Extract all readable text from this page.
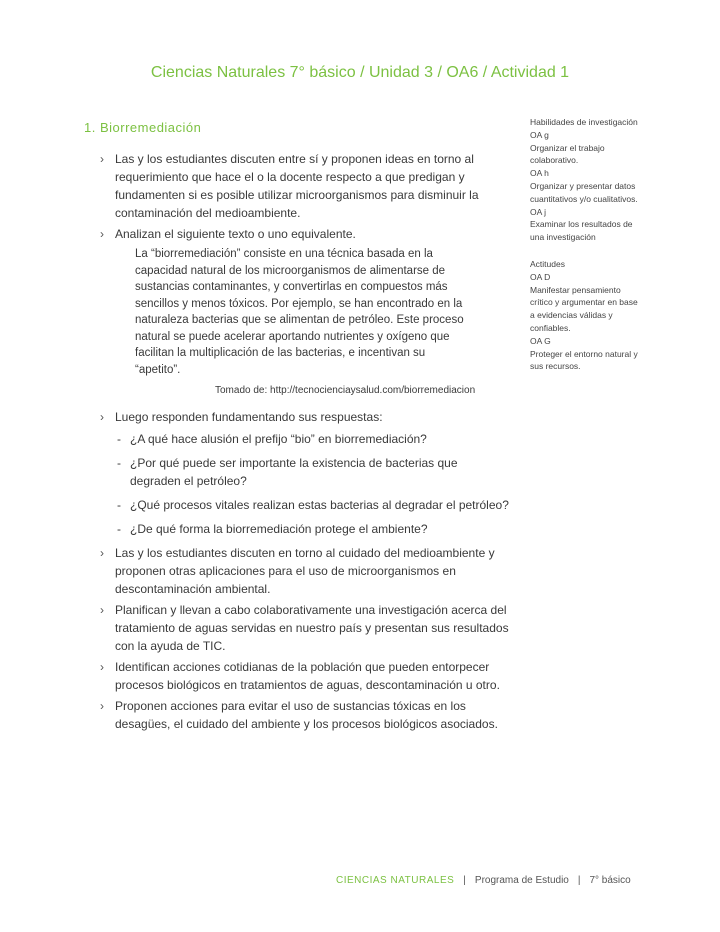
Ciencias Naturales 7° básico / Unidad 3 / OA6 / Actividad 1
1. Biorremediación
› Las y los estudiantes discuten entre sí y proponen ideas en torno al requerimiento que hace el o la docente respecto a que predigan y fundamenten si es posible utilizar microorganismos para disminuir la contaminación del medioambiente.
› Analizan el siguiente texto o uno equivalente.
La “biorremediación” consiste en una técnica basada en la capacidad natural de los microorganismos de alimentarse de sustancias contaminantes, y convertirlas en compuestos más sencillos y menos tóxicos. Por ejemplo, se han encontrado en la naturaleza bacterias que se alimentan de petróleo. Este proceso natural se puede acelerar aportando nutrientes y oxígeno que facilitan la multiplicación de las bacterias, e incentivan su “apetito”.
Tomado de: http://tecnocienciaysalud.com/biorremediacion
› Luego responden fundamentando sus respuestas:
- ¿A qué hace alusión el prefijo “bio” en biorremediación?
- ¿Por qué puede ser importante la existencia de bacterias que degraden el petróleo?
- ¿Qué procesos vitales realizan estas bacterias al degradar el petróleo?
- ¿De qué forma la biorremediación protege el ambiente?
› Las y los estudiantes discuten en torno al cuidado del medioambiente y proponen otras aplicaciones para el uso de microorganismos en descontaminación ambiental.
› Planifican y llevan a cabo colaborativamente una investigación acerca del tratamiento de aguas servidas en nuestro país y presentan sus resultados con la ayuda de TIC.
› Identifican acciones cotidianas de la población que pueden entorpecer procesos biológicos en tratamientos de aguas, descontaminación u otro.
› Proponen acciones para evitar el uso de sustancias tóxicas en los desagües, el cuidado del ambiente y los procesos biológicos asociados.
Habilidades de investigación
OA g
Organizar el trabajo colaborativo.
OA h
Organizar y presentar datos cuantitativos y/o cualitativos.
OA j
Examinar los resultados de una investigación
Actitudes
OA D
Manifestar pensamiento crítico y argumentar en base a evidencias válidas y confiables.
OA G
Proteger el entorno natural y sus recursos.
CIENCIAS NATURALES | Programa de Estudio | 7° básico
